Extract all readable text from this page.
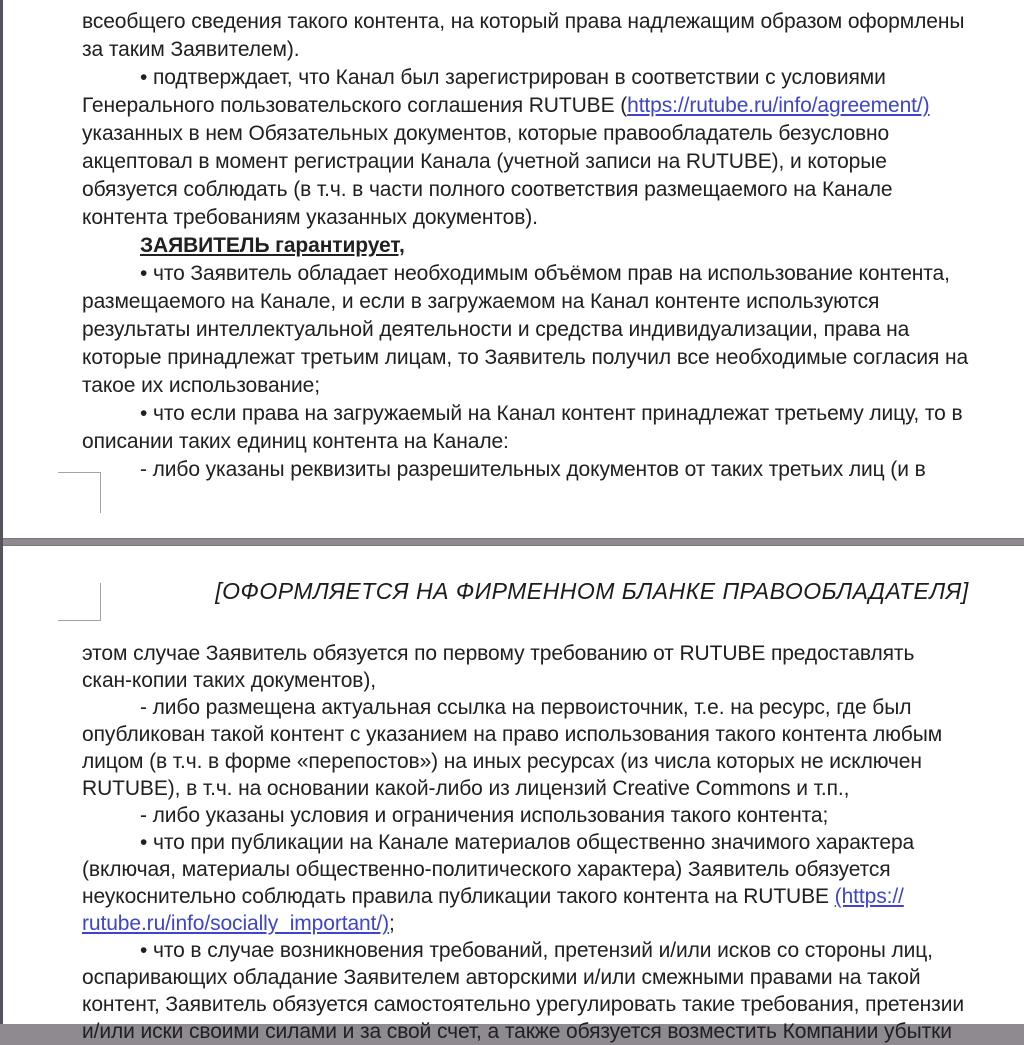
всеобщего сведения такого контента, на который права надлежащим образом оформлены
за таким Заявителем).
• подтверждает, что Канал был зарегистрирован в соответствии с условиями
Генерального пользовательского соглашения RUTUBE (https://rutube.ru/info/agreement/)
указанных в нем Обязательных документов, которые правообладатель безусловно
акцептовал в момент регистрации Канала (учетной записи на RUTUBE), и которые
обязуется соблюдать (в т.ч. в части полного соответствия размещаемого на Канале
контента требованиям указанных документов).
ЗАЯВИТЕЛЬ гарантирует,
• что Заявитель обладает необходимым объёмом прав на использование контента,
размещаемого на Канале, и если в загружаемом на Канал контенте используются
результаты интеллектуальной деятельности и средства индивидуализации, права на
которые принадлежат третьим лицам, то Заявитель получил все необходимые согласия на
такое их использование;
• что если права на загружаемый на Канал контент принадлежат третьему лицу, то в
описании таких единиц контента на Канале:
- либо указаны реквизиты разрешительных документов от таких третьих лиц (и в
[ОФОРМЛЯЕТСЯ НА ФИРМЕННОМ БЛАНКЕ ПРАВООБЛАДАТЕЛЯ]
этом случае Заявитель обязуется по первому требованию от RUTUBE предоставлять
скан-копии таких документов),
- либо размещена актуальная ссылка на первоисточник, т.е. на ресурс, где был
опубликован такой контент с указанием на право использования такого контента любым
лицом (в т.ч. в форме «перепостов») на иных ресурсах (из числа которых не исключен
RUTUBE), в т.ч. на основании какой-либо из лицензий Creative Commons и т.п.,
- либо указаны условия и ограничения использования такого контента;
• что при публикации на Канале материалов общественно значимого характера
(включая, материалы общественно-политического характера) Заявитель обязуется
неукоснительно соблюдать правила публикации такого контента на RUTUBE (https://
rutube.ru/info/socially_important/);
• что в случае возникновения требований, претензий и/или исков со стороны лиц,
оспаривающих обладание Заявителем авторскими и/или смежными правами на такой
контент, Заявитель обязуется самостоятельно урегулировать такие требования, претензии
и/или иски своими силами и за свой счет, а также обязуется возместить Компании убытки
